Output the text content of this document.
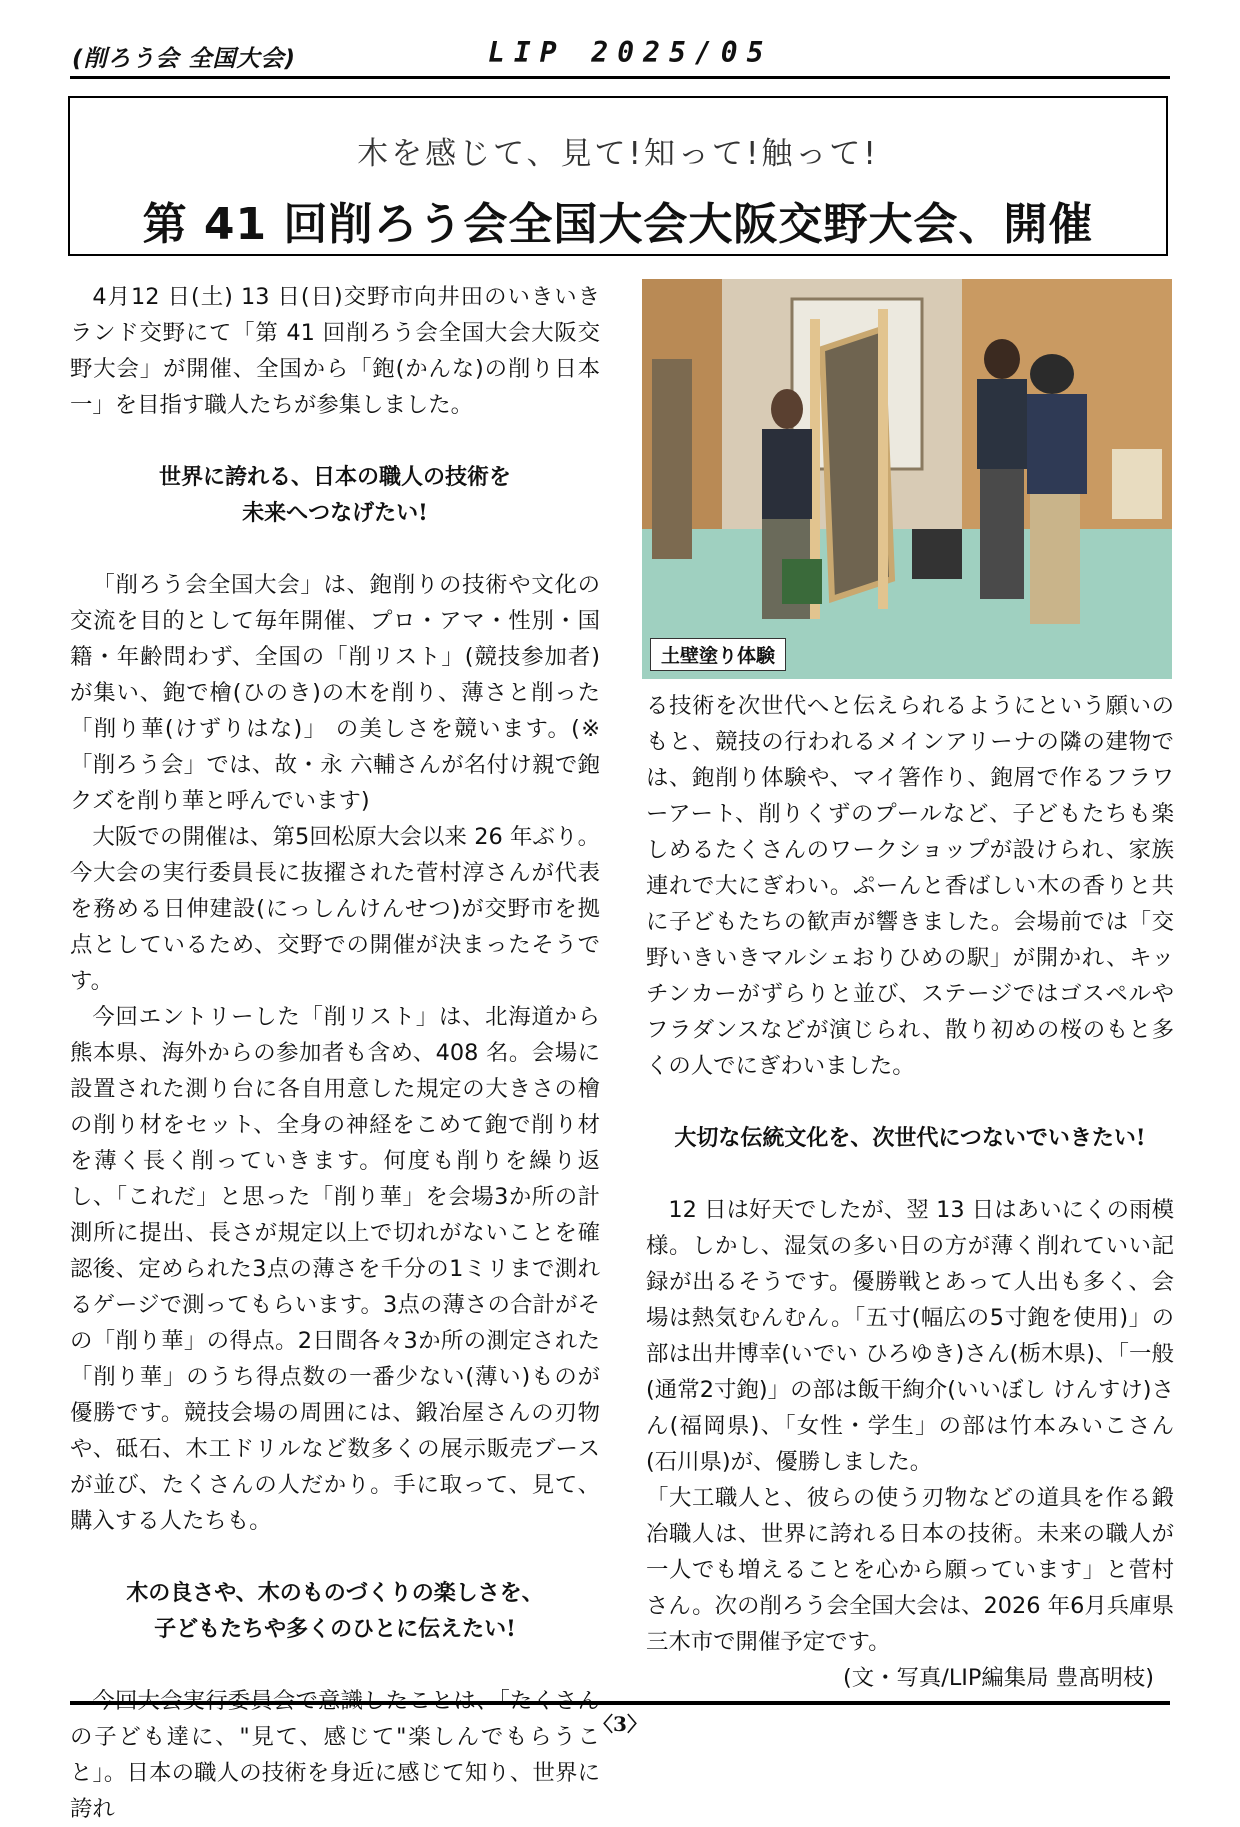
(削ろう会 全国大会)	LIP 2025/05
木を感じて、見て!知って!触って!
第 41 回削ろう会全国大会大阪交野大会、開催

4月12 日(土) 13 日(日)交野市向井田のいきいきランド交野にて「第 41 回削ろう会全国大会大阪交野大会」が開催、全国から「鉋(かんな)の削り日本一」を目指す職人たちが参集しました。

世界に誇れる、日本の職人の技術を
未来へつなげたい!

「削ろう会全国大会」は、鉋削りの技術や文化の交流を目的として毎年開催、プロ・アマ・性別・国籍・年齢問わず、全国の「削リスト」(競技参加者)が集い、鉋で檜(ひのき)の木を削り、薄さと削った「削り華(けずりはな)」 の美しさを競います。(※「削ろう会」では、故・永 六輔さんが名付け親で鉋クズを削り華と呼んでいます)

大阪での開催は、第5回松原大会以来 26 年ぶり。今大会の実行委員長に抜擢された菅村淳さんが代表を務める日伸建設(にっしんけんせつ)が交野市を拠点としているため、交野での開催が決まったそうです。

今回エントリーした「削リスト」は、北海道から熊本県、海外からの参加者も含め、408 名。会場に設置された測り台に各自用意した規定の大きさの檜の削り材をセット、全身の神経をこめて鉋で削り材を薄く長く削っていきます。何度も削りを繰り返し、「これだ」と思った「削り華」を会場3か所の計測所に提出、長さが規定以上で切れがないことを確認後、定められた3点の薄さを千分の1ミリまで測れるゲージで測ってもらいます。3点の薄さの合計がその「削り華」の得点。2日間各々3か所の測定された「削り華」のうち得点数の一番少ない(薄い)ものが優勝です。競技会場の周囲には、鍛冶屋さんの刃物や、砥石、木工ドリルなど数多くの展示販売ブースが並び、たくさんの人だかり。手に取って、見て、購入する人たちも。

木の良さや、木のものづくりの楽しさを、
子どもたちや多くのひとに伝えたい!

の子ども達に、"見て、感じて"楽しんでもらうこと」。日本の職人の技術を身近に感じて知り、世界に誇れ

土壁塗り体験

る技術を次世代へと伝えられるようにという願いのもと、競技の行われるメインアリーナの隣の建物では、鉋削り体験や、マイ箸作り、鉋屑で作るフラワーアート、削りくずのプールなど、子どもたちも楽しめるたくさんのワークショップが設けられ、家族連れで大にぎわい。ぷーんと香ばしい木の香りと共に子どもたちの歓声が響きました。会場前では「交野いきいきマルシェおりひめの駅」が開かれ、キッチンカーがずらりと並び、ステージではゴスペルやフラダンスなどが演じられ、散り初めの桜のもと多くの人でにぎわいました。

大切な伝統文化を、次世代につないでいきたい!

12 日は好天でしたが、翌 13 日はあいにくの雨模様。しかし、湿気の多い日の方が薄く削れていい記録が出るそうです。優勝戦とあって人出も多く、会場は熱気むんむん。「五寸(幅広の5寸鉋を使用)」の部は出井博幸(いでい ひろゆき)さん(栃木県)、「一般(通常2寸鉋)」の部は飯干絢介(いいぼし けんすけ)さん(福岡県)、「女性・学生」の部は竹本みいこさん(石川県)が、優勝しました。

「大工職人と、彼らの使う刃物などの道具を作る鍛冶職人は、世界に誇れる日本の技術。未来の職人が一人でも増えることを心から願っています」と菅村さん。次の削ろう会全国大会は、2026 年6月兵庫県三木市で開催予定です。

(文・写真/LIP編集局 豊髙明枝)

〈3〉
